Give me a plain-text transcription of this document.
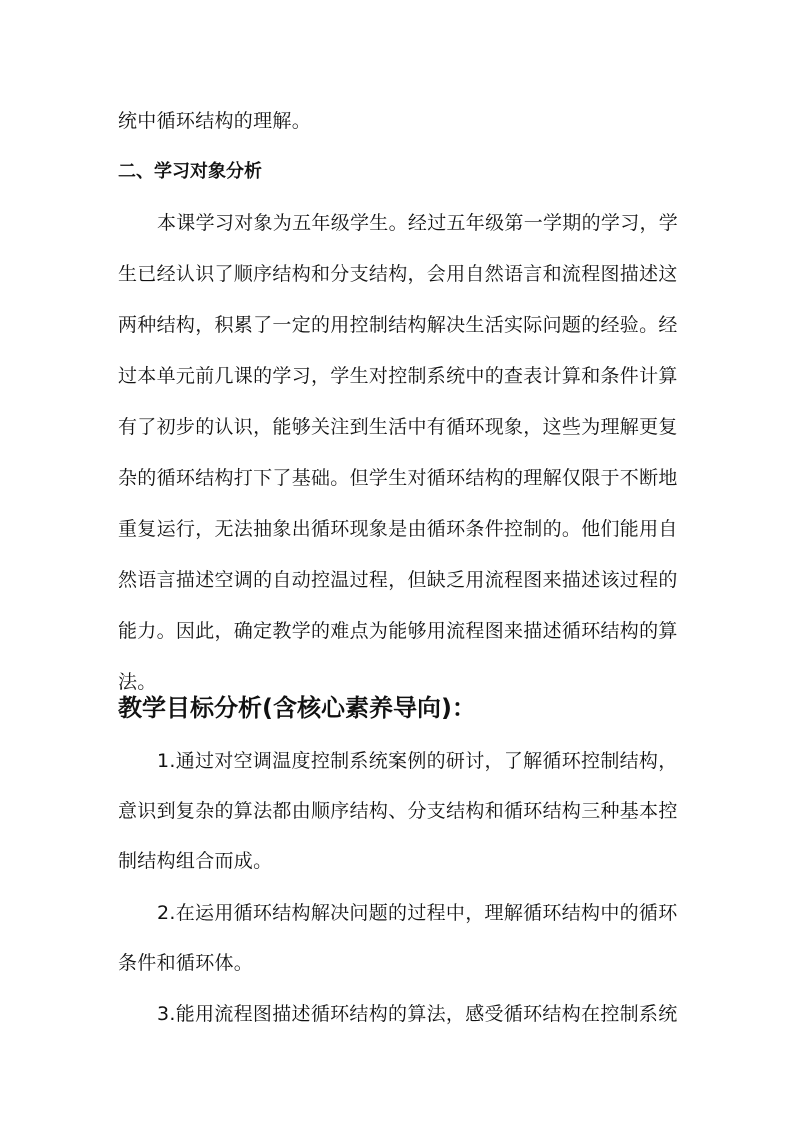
统中循环结构的理解。
二、学习对象分析
本课学习对象为五年级学生。经过五年级第一学期的学习，学
生已经认识了顺序结构和分支结构，会用自然语言和流程图描述这
两种结构，积累了一定的用控制结构解决生活实际问题的经验。经
过本单元前几课的学习，学生对控制系统中的查表计算和条件计算
有了初步的认识，能够关注到生活中有循环现象，这些为理解更复
杂的循环结构打下了基础。但学生对循环结构的理解仅限于不断地
重复运行，无法抽象出循环现象是由循环条件控制的。他们能用自
然语言描述空调的自动控温过程，但缺乏用流程图来描述该过程的
能力。因此，确定教学的难点为能够用流程图来描述循环结构的算
法。
教学目标分析(含核心素养导向)：
1.通过对空调温度控制系统案例的研讨，了解循环控制结构，
意识到复杂的算法都由顺序结构、分支结构和循环结构三种基本控
制结构组合而成。
2.在运用循环结构解决问题的过程中，理解循环结构中的循环
条件和循环体。
3.能用流程图描述循环结构的算法，感受循环结构在控制系统
